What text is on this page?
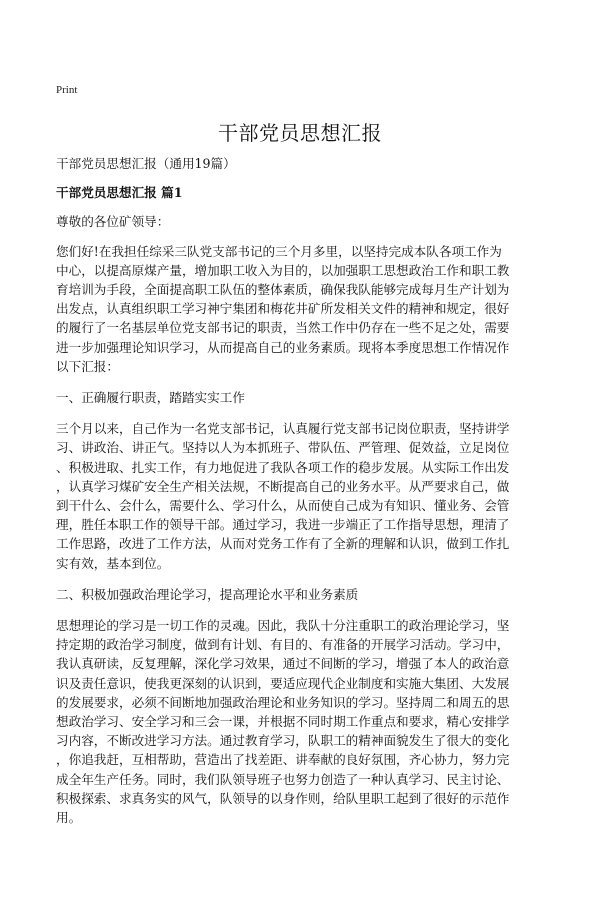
Print
干部党员思想汇报

干部党员思想汇报（通用19篇）

干部党员思想汇报 篇1

尊敬的各位矿领导：

您们好!在我担任综采三队党支部书记的三个月多里，以坚持完成本队各项工作为
中心，以提高原煤产量，增加职工收入为目的，以加强职工思想政治工作和职工教
育培训为手段，全面提高职工队伍的整体素质，确保我队能够完成每月生产计划为
出发点，认真组织职工学习神宁集团和梅花井矿所发相关文件的精神和规定，很好
的履行了一名基层单位党支部书记的职责，当然工作中仍存在一些不足之处，需要
进一步加强理论知识学习，从而提高自己的业务素质。现将本季度思想工作情况作
以下汇报：

一、正确履行职责，踏踏实实工作

三个月以来，自己作为一名党支部书记，认真履行党支部书记岗位职责，坚持讲学
习、讲政治、讲正气。坚持以人为本抓班子、带队伍、严管理、促效益，立足岗位
、积极进取、扎实工作，有力地促进了我队各项工作的稳步发展。从实际工作出发
，认真学习煤矿安全生产相关法规，不断提高自己的业务水平。从严要求自己，做
到干什么、会什么，需要什么、学习什么，从而使自己成为有知识、懂业务、会管
理，胜任本职工作的领导干部。通过学习，我进一步端正了工作指导思想，理清了
工作思路，改进了工作方法，从而对党务工作有了全新的理解和认识，做到工作扎
实有效，基本到位。

二、积极加强政治理论学习，提高理论水平和业务素质

思想理论的学习是一切工作的灵魂。因此，我队十分注重职工的政治理论学习，坚
持定期的政治学习制度，做到有计划、有目的、有准备的开展学习活动。学习中，
我认真研读，反复理解，深化学习效果，通过不间断的学习，增强了本人的政治意
识及责任意识，使我更深刻的认识到，要适应现代企业制度和实施大集团、大发展
的发展要求，必须不间断地加强政治理论和业务知识的学习。坚持周二和周五的思
想政治学习、安全学习和三会一课，并根据不同时期工作重点和要求，精心安排学
习内容，不断改进学习方法。通过教育学习，队职工的精神面貌发生了很大的变化
，你追我赶，互相帮助，营造出了找差距、讲奉献的良好氛围，齐心协力，努力完
成全年生产任务。同时，我们队领导班子也努力创造了一种认真学习、民主讨论、
积极探索、求真务实的风气，队领导的以身作则，给队里职工起到了很好的示范作
用。
